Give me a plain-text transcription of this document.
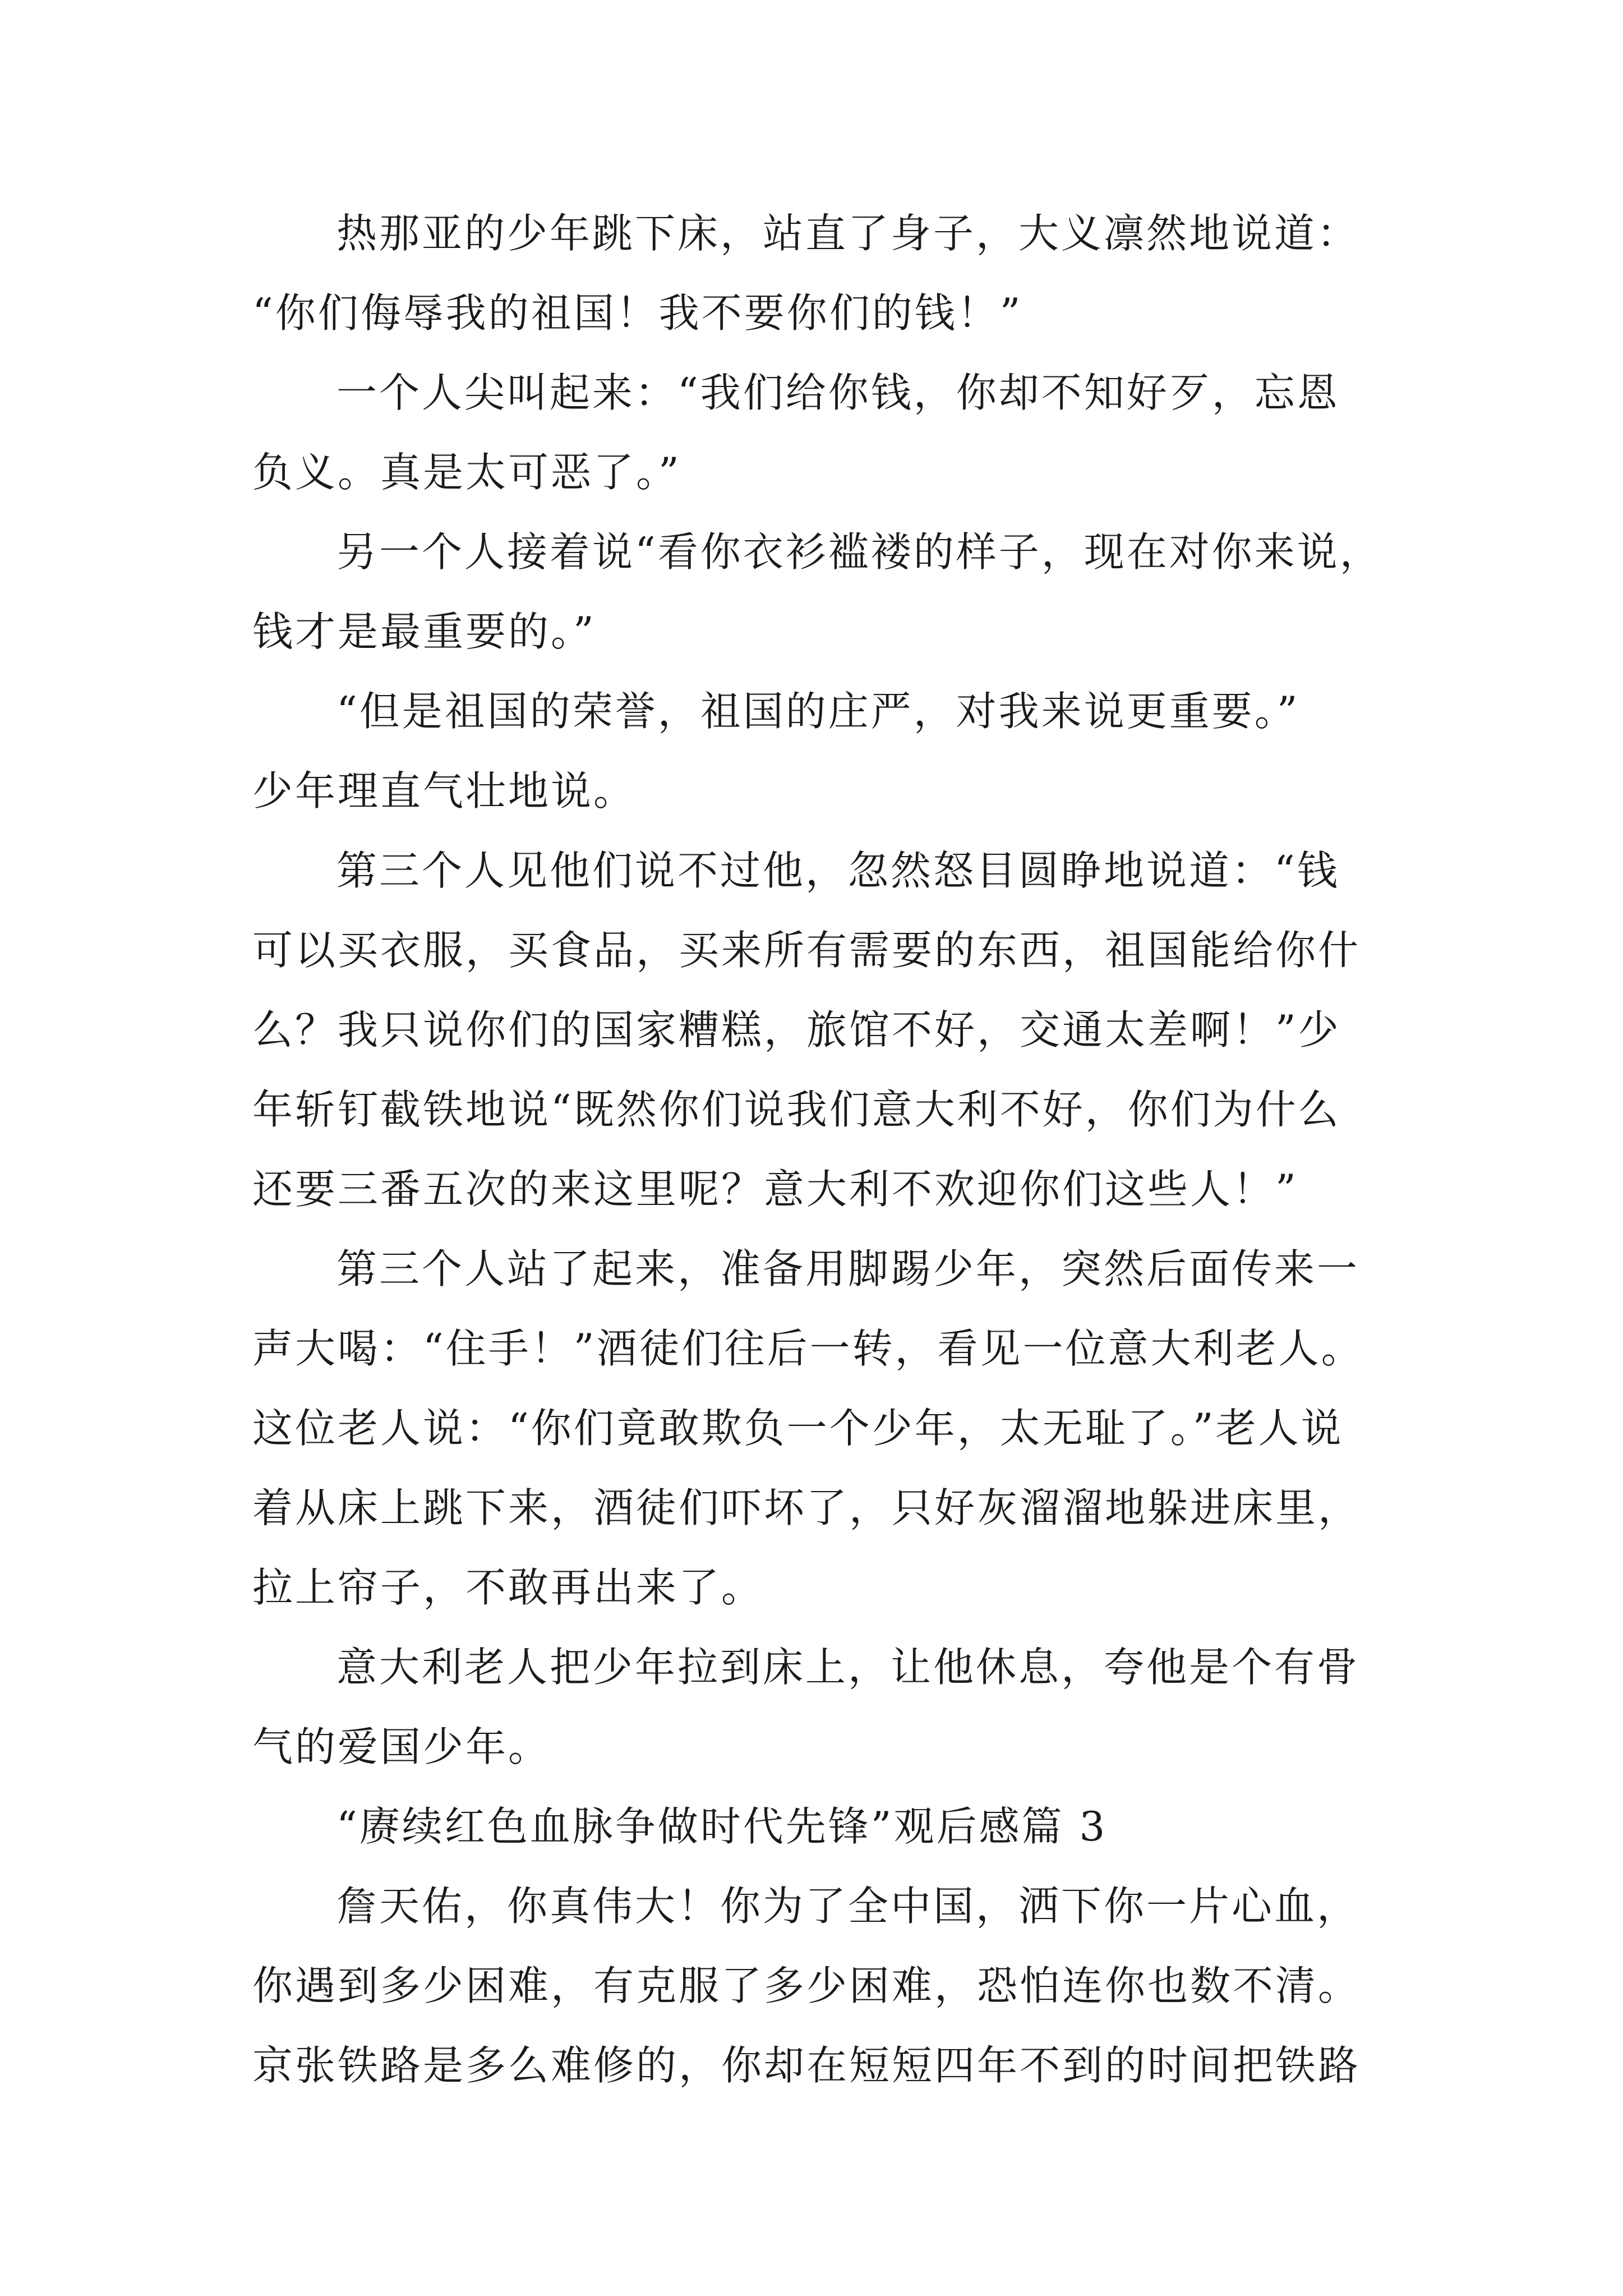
热那亚的少年跳下床，站直了身子，大义凛然地说道：
“你们侮辱我的祖国！我不要你们的钱！”
一个人尖叫起来：“我们给你钱，你却不知好歹，忘恩
负义。真是太可恶了。”
另一个人接着说“看你衣衫褴褛的样子，现在对你来说，
钱才是最重要的。”
“但是祖国的荣誉，祖国的庄严，对我来说更重要。”
少年理直气壮地说。
第三个人见他们说不过他，忽然怒目圆睁地说道：“钱
可以买衣服，买食品，买来所有需要的东西，祖国能给你什
么？我只说你们的国家糟糕，旅馆不好，交通太差啊！”少
年斩钉截铁地说“既然你们说我们意大利不好，你们为什么
还要三番五次的来这里呢？意大利不欢迎你们这些人！”
第三个人站了起来，准备用脚踢少年，突然后面传来一
声大喝：“住手！”酒徒们往后一转，看见一位意大利老人。
这位老人说：“你们竟敢欺负一个少年，太无耻了。”老人说
着从床上跳下来，酒徒们吓坏了，只好灰溜溜地躲进床里，
拉上帘子，不敢再出来了。
意大利老人把少年拉到床上，让他休息，夸他是个有骨
气的爱国少年。
“赓续红色血脉争做时代先锋”观后感篇 3
詹天佑，你真伟大！你为了全中国，洒下你一片心血，
你遇到多少困难，有克服了多少困难，恐怕连你也数不清。
京张铁路是多么难修的，你却在短短四年不到的时间把铁路
